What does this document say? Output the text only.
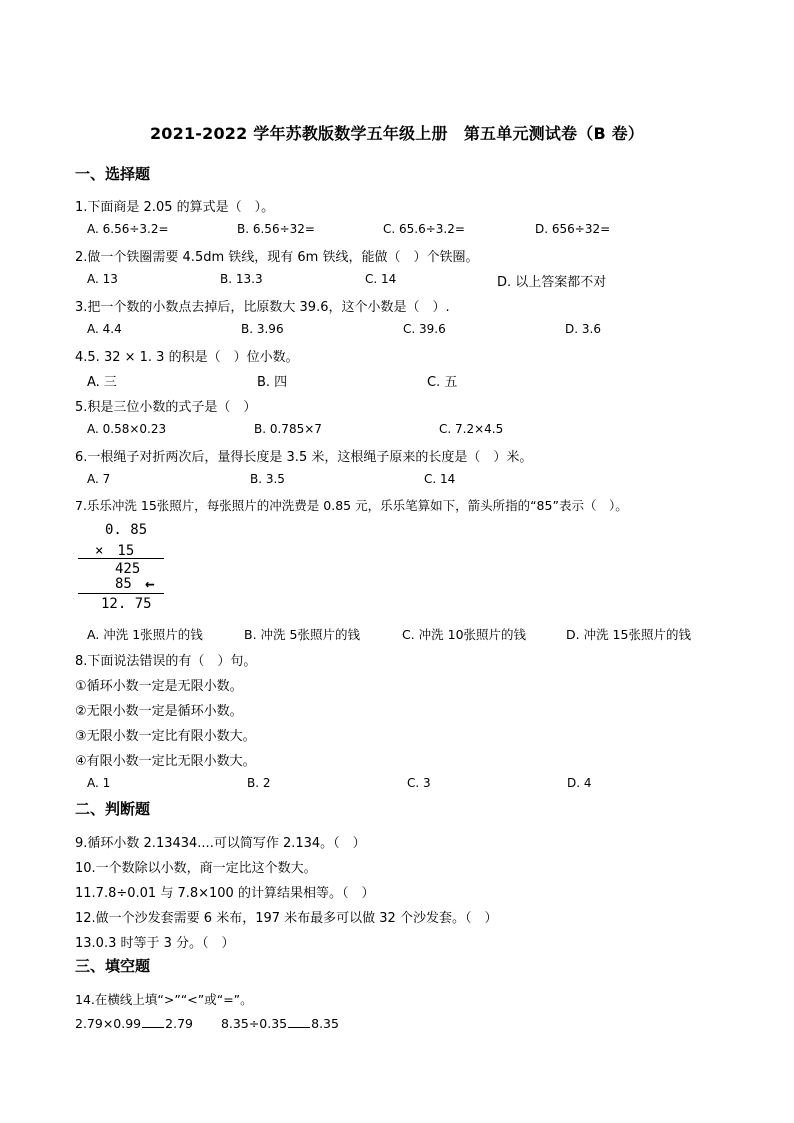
2021-2022 学年苏教版数学五年级上册　第五单元测试卷（B 卷）
一、选择题
1.下面商是 2.05 的算式是（　）。
A. 6.56÷3.2=	B. 6.56÷32=	C. 65.6÷3.2=	D. 656÷32=
2.做一个铁圈需要 4.5dm 铁线，现有 6m 铁线，能做（　）个铁圈。
A. 13	B. 13.3	C. 14	D. 以上答案都不对
3.把一个数的小数点去掉后，比原数大 39.6，这个小数是（　）.
A. 4.4	B. 3.96	C. 39.6	D. 3.6
4.5. 32 × 1. 3 的积是（　）位小数。
A. 三	B. 四	C. 五
5.积是三位小数的式子是（　）
A. 0.58×0.23	B. 0.785×7	C. 7.2×4.5
6.一根绳子对折两次后，量得长度是 3.5 米，这根绳子原来的长度是（　）米。
A. 7	B. 3.5	C. 14
7.乐乐冲洗 15张照片，每张照片的冲洗费是 0.85 元，乐乐笔算如下，箭头所指的“85”表示（　）。
0. 85
×　15
425
85 ←
12. 75
A. 冲洗 1张照片的钱	B. 冲洗 5张照片的钱	C. 冲洗 10张照片的钱	D. 冲洗 15张照片的钱
8.下面说法错误的有（　）句。
①循环小数一定是无限小数。
②无限小数一定是循环小数。
③无限小数一定比有限小数大。
④有限小数一定比无限小数大。
A. 1	B. 2	C. 3	D. 4
二、判断题
9.循环小数 2.13434....可以简写作 2.134。（　）
10.一个数除以小数，商一定比这个数大。
11.7.8÷0.01 与 7.8×100 的计算结果相等。（　）
12.做一个沙发套需要 6 米布，197 米布最多可以做 32 个沙发套。（　）
13.0.3 时等于 3 分。（　）
三、填空题
14.在横线上填“>”“<”或“=”。
2.79×0.99 2.79 8.35÷0.35 8.35
